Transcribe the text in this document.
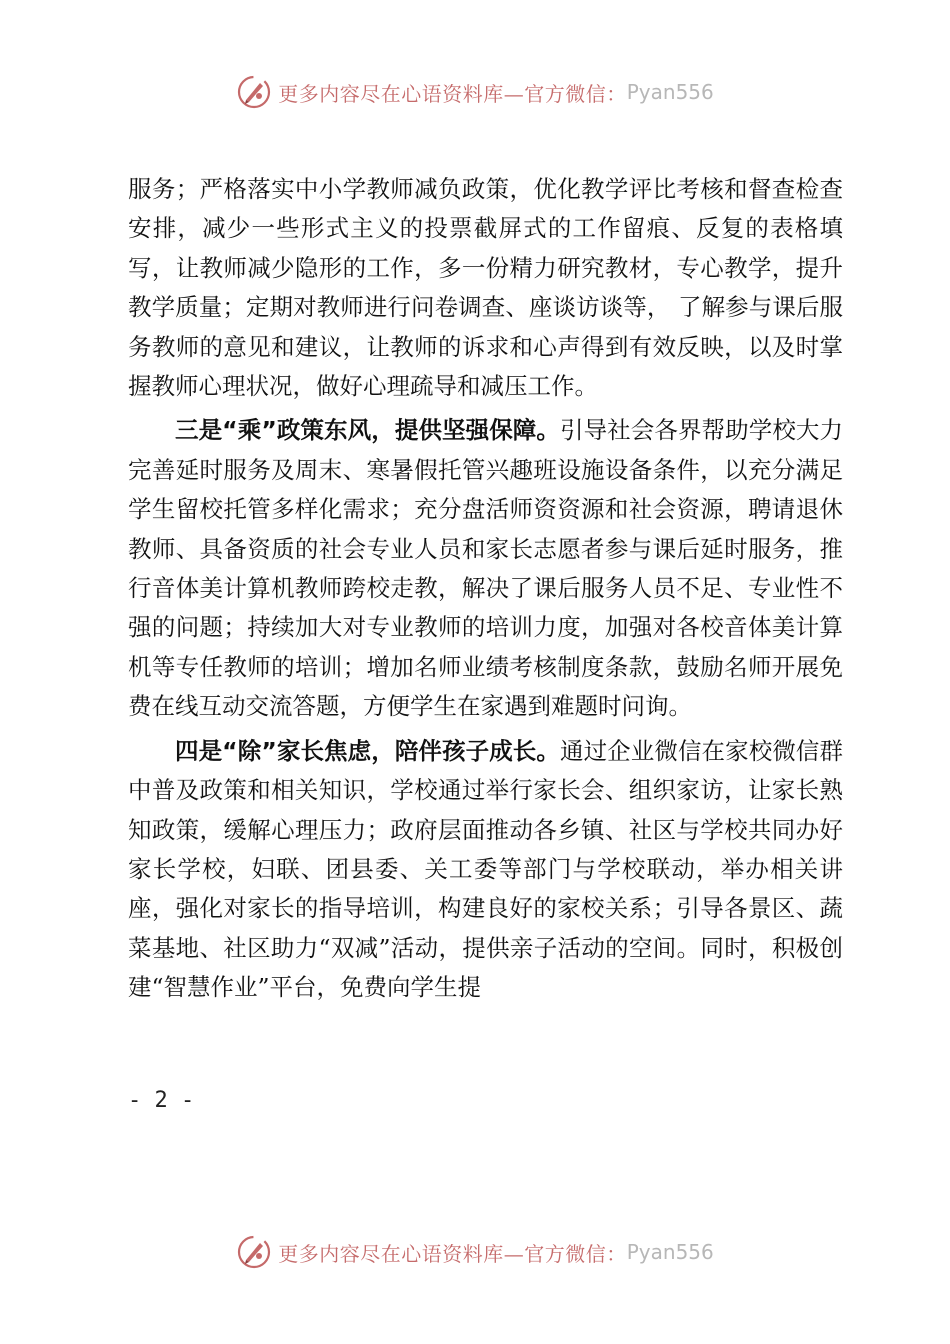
更多内容尽在心语资料库—官方微信： Pyan556

服务；严格落实中小学教师减负政策，优化教学评比考核和督查检查安排，减少一些形式主义的投票截屏式的工作留痕、反复的表格填写，让教师减少隐形的工作，多一份精力研究教材，专心教学，提升教学质量；定期对教师进行问卷调查、座谈访谈等， 了解参与课后服务教师的意见和建议，让教师的诉求和心声得到有效反映，以及时掌握教师心理状况，做好心理疏导和减压工作。

三是“乘”政策东风，提供坚强保障。引导社会各界帮助学校大力完善延时服务及周末、寒暑假托管兴趣班设施设备条件，以充分满足学生留校托管多样化需求；充分盘活师资资源和社会资源，聘请退休教师、具备资质的社会专业人员和家长志愿者参与课后延时服务，推行音体美计算机教师跨校走教，解决了课后服务人员不足、专业性不强的问题；持续加大对专业教师的培训力度，加强对各校音体美计算机等专任教师的培训；增加名师业绩考核制度条款，鼓励名师开展免费在线互动交流答题，方便学生在家遇到难题时问询。

四是“除”家长焦虑，陪伴孩子成长。通过企业微信在家校微信群中普及政策和相关知识，学校通过举行家长会、组织家访，让家长熟知政策，缓解心理压力；政府层面推动各乡镇、社区与学校共同办好家长学校，妇联、团县委、关工委等部门与学校联动，举办相关讲座，强化对家长的指导培训，构建良好的家校关系；引导各景区、蔬菜基地、社区助力“双减”活动，提供亲子活动的空间。同时，积极创建“智慧作业”平台，免费向学生提

- 2 -
更多内容尽在心语资料库—官方微信： Pyan556
